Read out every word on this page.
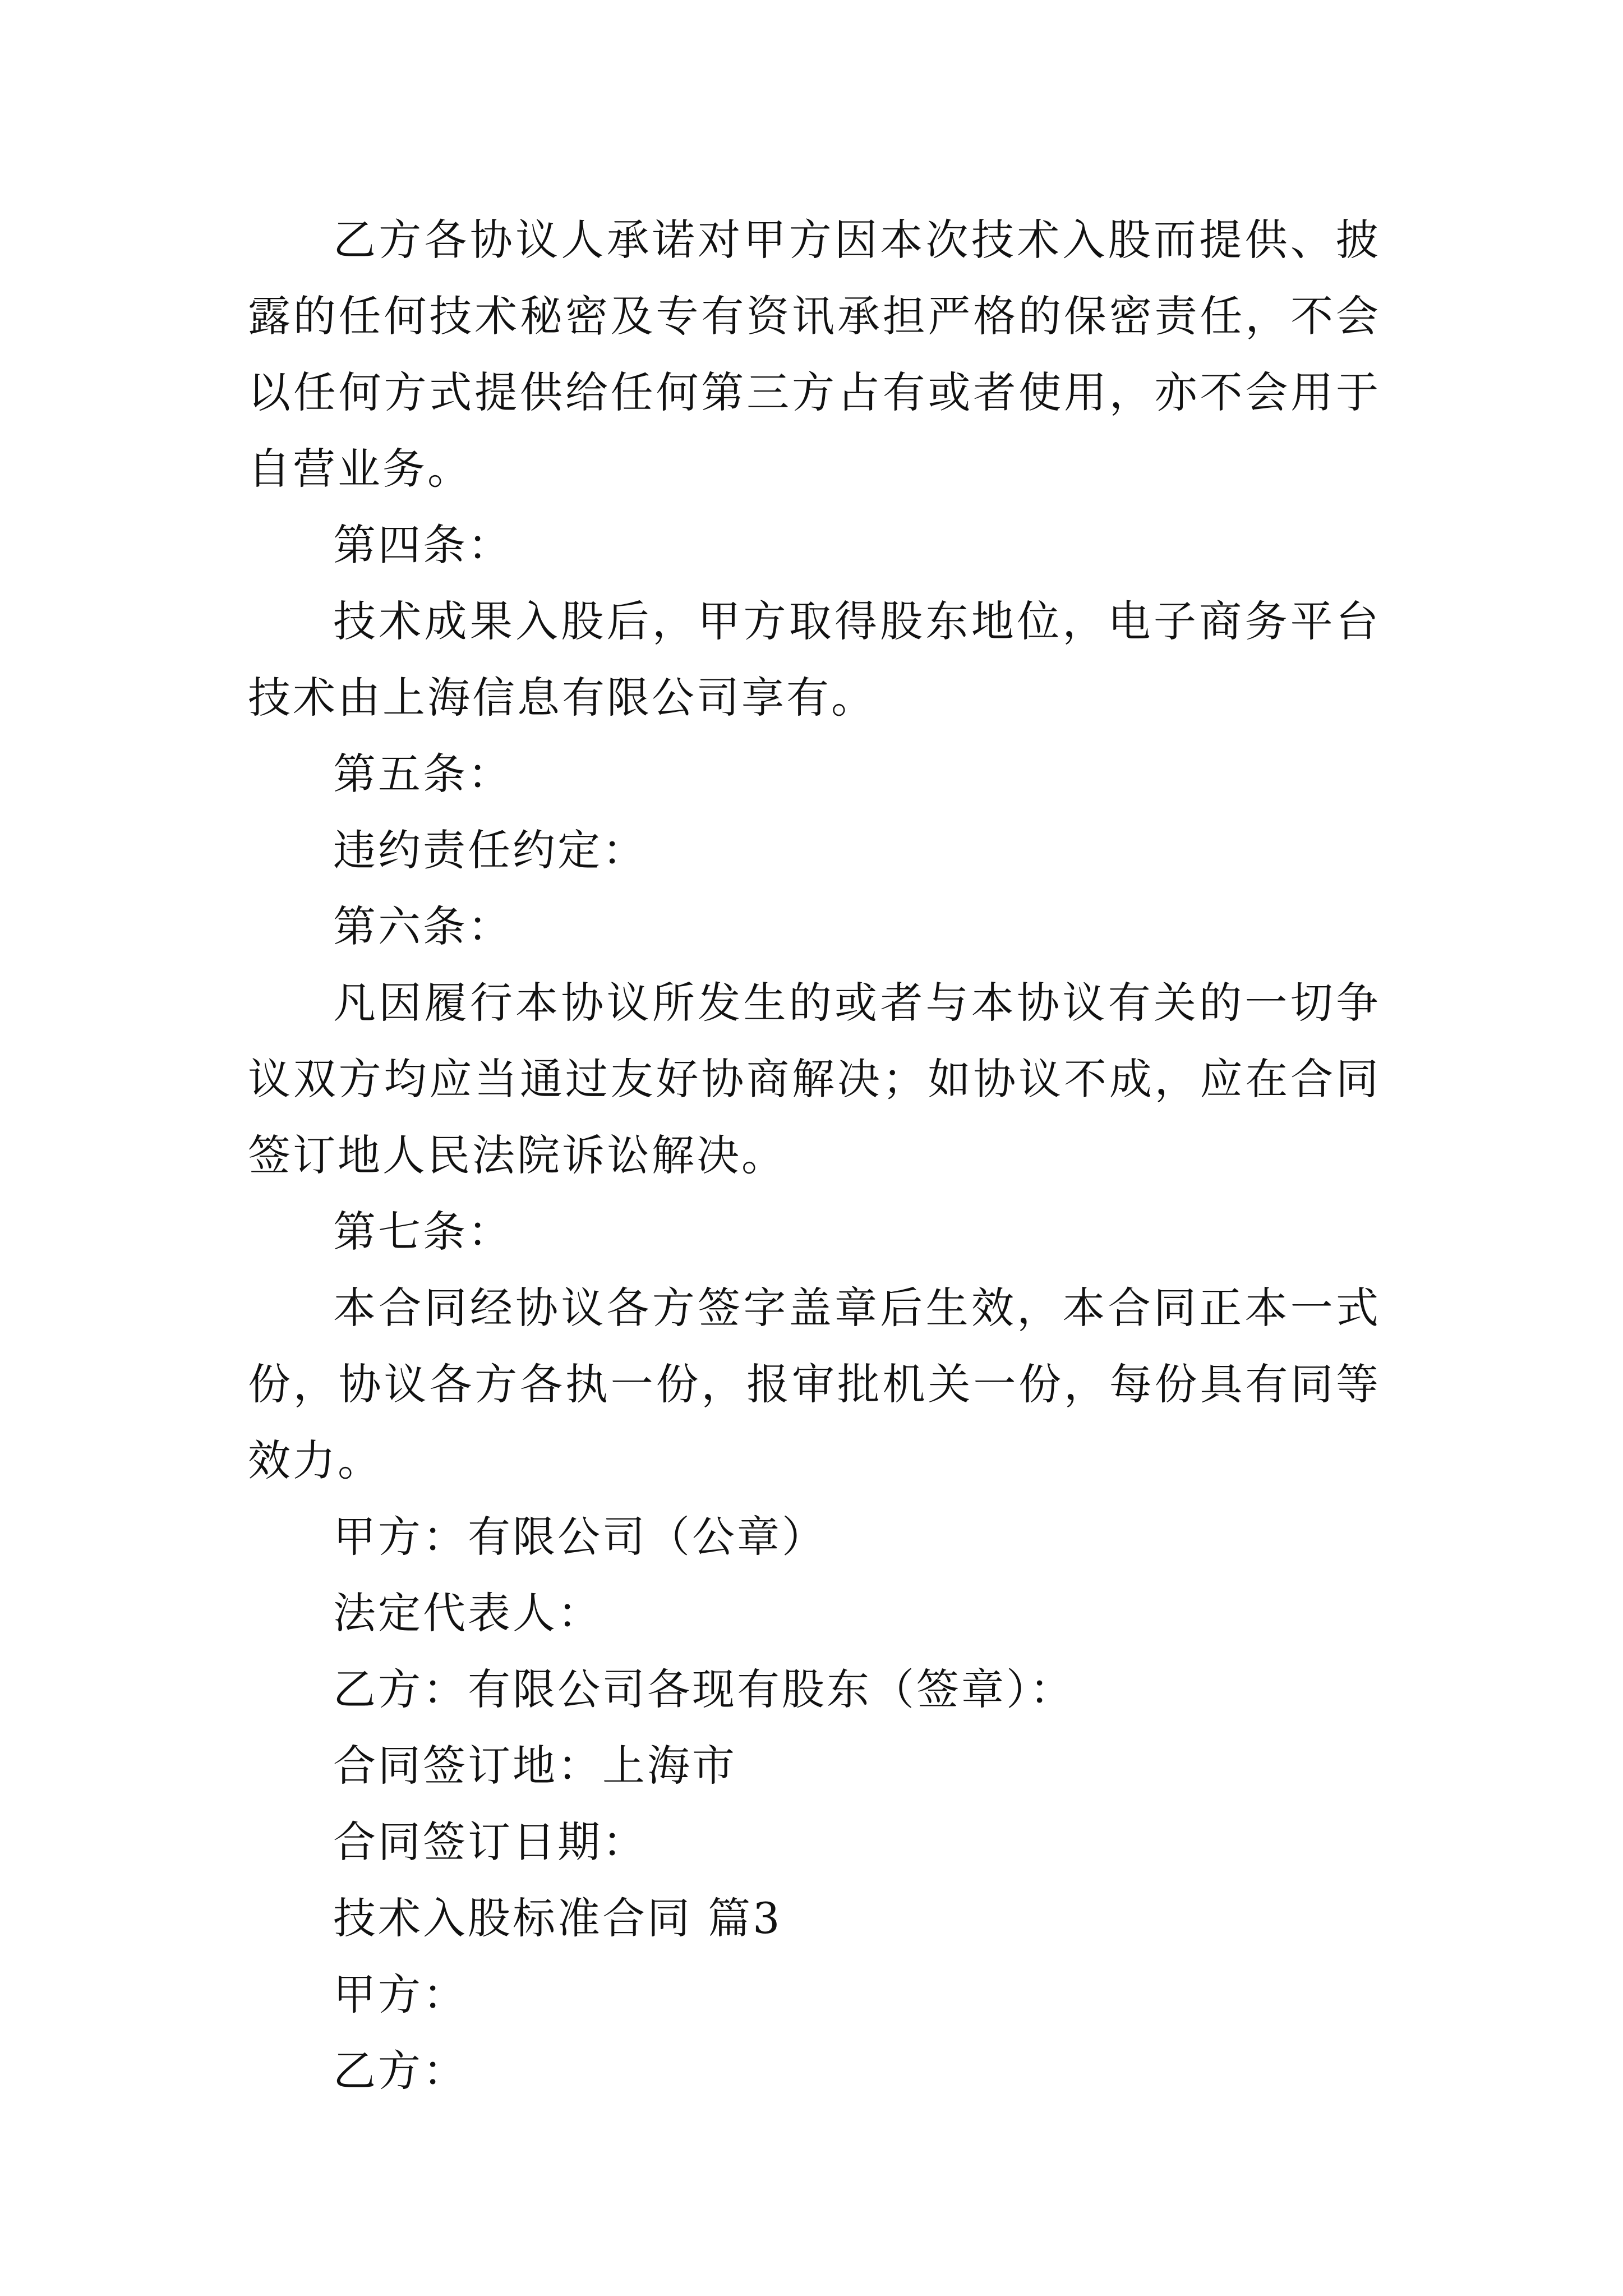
乙方各协议人承诺对甲方因本次技术入股而提供、披露的任何技术秘密及专有资讯承担严格的保密责任，不会以任何方式提供给任何第三方占有或者使用，亦不会用于自营业务。

第四条：

技术成果入股后，甲方取得股东地位，电子商务平台技术由上海信息有限公司享有。

第五条：

违约责任约定：

第六条：

凡因履行本协议所发生的或者与本协议有关的一切争议双方均应当通过友好协商解决；如协议不成，应在合同签订地人民法院诉讼解决。

第七条：

本合同经协议各方签字盖章后生效，本合同正本一式份，协议各方各执一份，报审批机关一份，每份具有同等效力。

甲方：有限公司（公章）

法定代表人：

乙方：有限公司各现有股东（签章）：

合同签订地：上海市

合同签订日期：

技术入股标准合同 篇3

甲方：

乙方：
